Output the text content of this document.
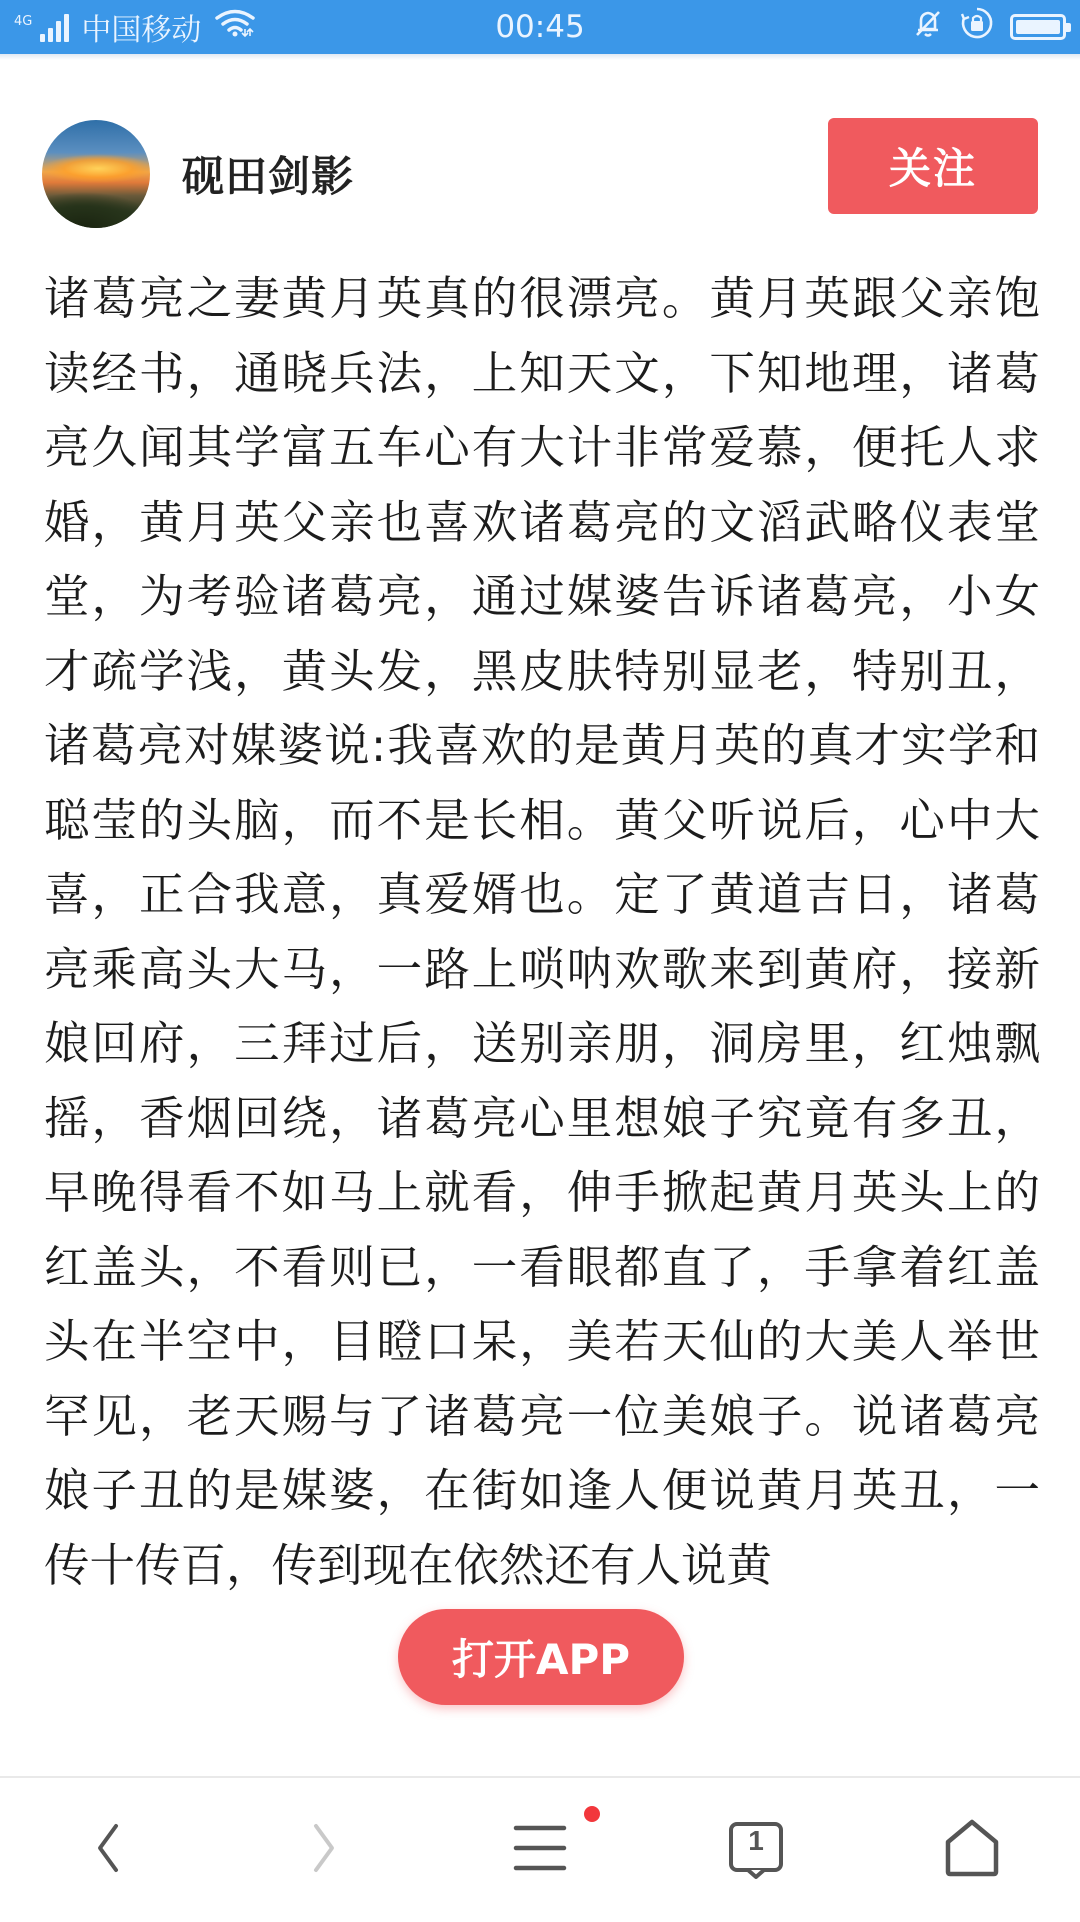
4G 中国移动	00:45
砚田剑影	关注
诸葛亮之妻黄月英真的很漂亮。黄月英跟父亲饱读经书，通晓兵法，上知天文，下知地理，诸葛亮久闻其学富五车心有大计非常爱慕，便托人求婚，黄月英父亲也喜欢诸葛亮的文滔武略仪表堂堂，为考验诸葛亮，通过媒婆告诉诸葛亮，小女才疏学浅，黄头发，黑皮肤特别显老，特别丑，诸葛亮对媒婆说:我喜欢的是黄月英的真才实学和聪莹的头脑，而不是长相。黄父听说后，心中大喜，正合我意，真爱婿也。定了黄道吉日，诸葛亮乘高头大马，一路上唢呐欢歌来到黄府，接新娘回府，三拜过后，送别亲朋，洞房里，红烛飘摇，香烟回绕，诸葛亮心里想娘子究竟有多丑，早晚得看不如马上就看，伸手掀起黄月英头上的红盖头，不看则已，一看眼都直了，手拿着红盖头在半空中，目瞪口呆，美若天仙的大美人举世罕见，老天赐与了诸葛亮一位美娘子。说诸葛亮娘子丑的是媒婆，在街如逢人便说黄月英丑，一传十传百，传到现在依然还有人说黄
打开APP
1
